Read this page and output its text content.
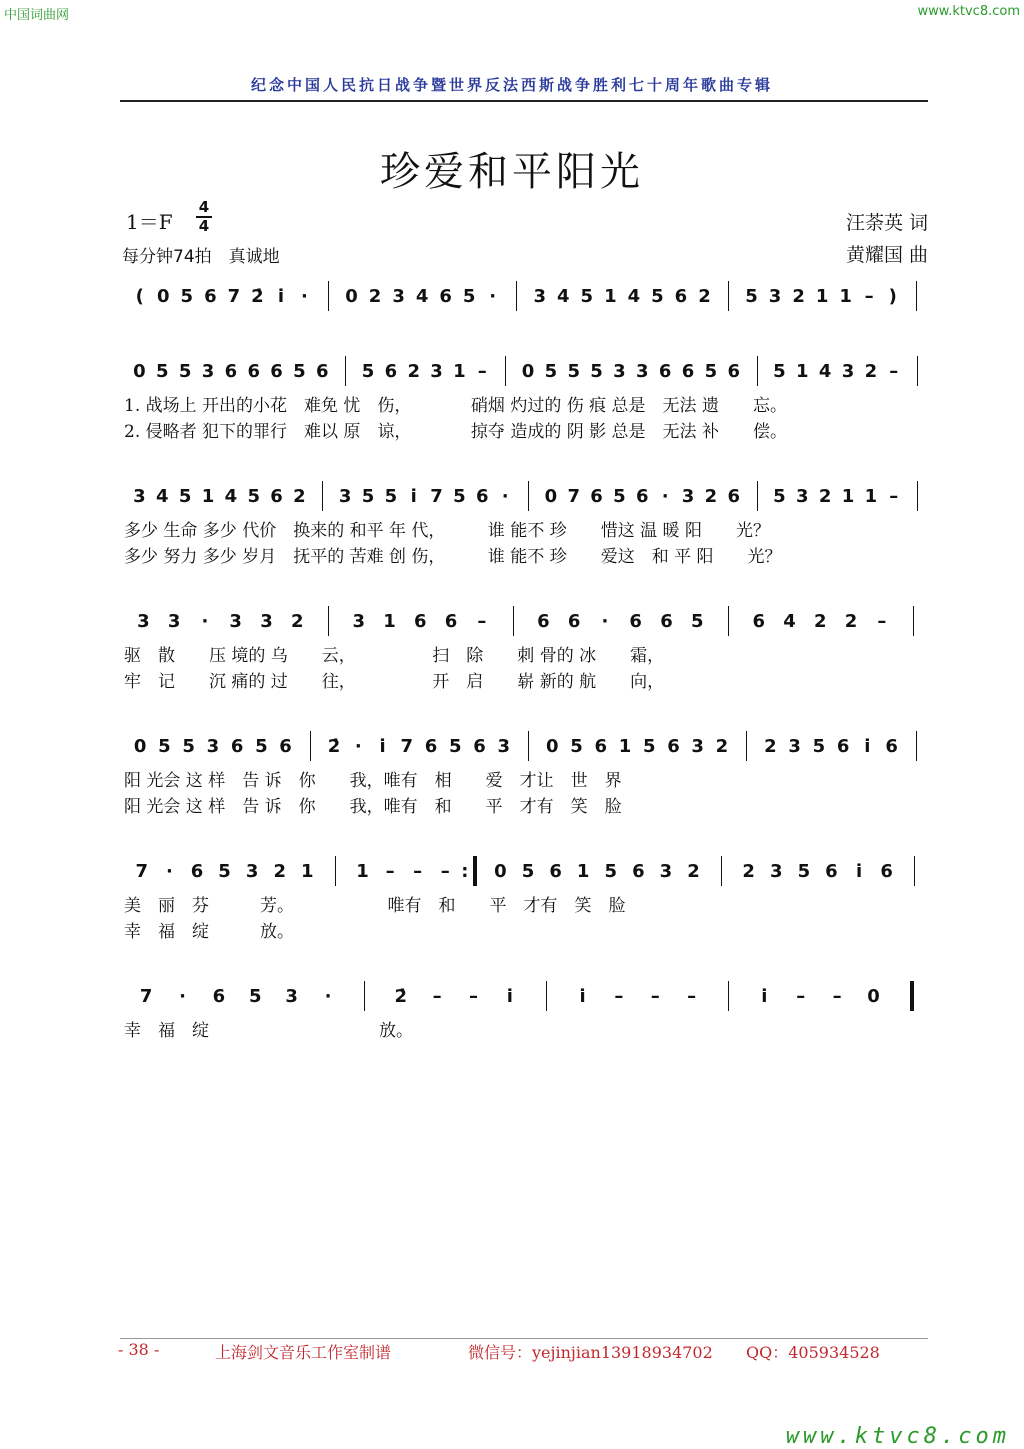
中国词曲网	www.ktvc8.com
纪念中国人民抗日战争暨世界反法西斯战争胜利七十周年歌曲专辑
珍爱和平阳光
1＝F
4
4
每分钟74拍　真诚地
汪荼英 词
黄耀国 曲
( 0 5 6 7 2̇ i̇ · 0 2 3 4 6 5 · 3 4 5 1 4 5 6 2 5 3 2 1 1 – )
0 5 5 3 6 6 6 5 6 5 6 2 3 1 – 0 5 5 5 3 3 6 6 5 6 5 1 4 3 2 –
1. 战场上 开出的小花　难免 忧　伤，　　　　硝烟 灼过的 伤 痕 总是　无法 遗　　忘。
2. 侵略者 犯下的罪行　难以 原　谅，　　　　掠夺 造成的 阴 影 总是　无法 补　　偿。
3 4 5 1 4 5 6 2 3 5 5 i̇ 7 5 6 · 0 7 6 5 6 · 3 2 6 5 3 2 1 1 –
多少 生命 多少 代价　换来的 和平 年 代，　　　谁 能不 珍　　惜这 温 暖 阳　　光？
多少 努力 多少 岁月　抚平的 苦难 创 伤，　　　谁 能不 珍　　爱这　和 平 阳　　光？
3 3 · 3 3 2	3 1 6 6 –	6 6 · 6 6 5	6 4 2 2 –
驱　散　　压 境的 乌　　云，　　　　　扫　除　　刺 骨的 冰　　霜，
牢　记　　沉 痛的 过　　往，　　　　　开　启　　崭 新的 航　　向，
0 5 5 3 6 5 6 2̇ · i̇ 7 6 5 6 3 0 5 6 1 5 6 3 2 2 3 5 6 i̇ 6
阳 光会 这 样　告 诉　你　　我，唯有　相　　爱　才让　世　界
阳 光会 这 样　告 诉　你　　我，唯有　和　　平　才有　笑　脸
7 · 6 5 3 2 1 1 – – – : 0 5 6 1 5 6 3 2 2 3 5 6 i̇ 6
美　丽　芬　　　芳。　　　　　　唯有　和　　平　才有　笑　脸
幸　福　绽　　　放。
7 · 6 5 3 ·	2̇ – – i̇	i̇ – – –	i̇ – – 0
幸　福　绽　　　　　　　　　　放。
- 38 -	上海剑文音乐工作室制谱	微信号：yejinjian13918934702 QQ：405934528
www.ktvc8.com
